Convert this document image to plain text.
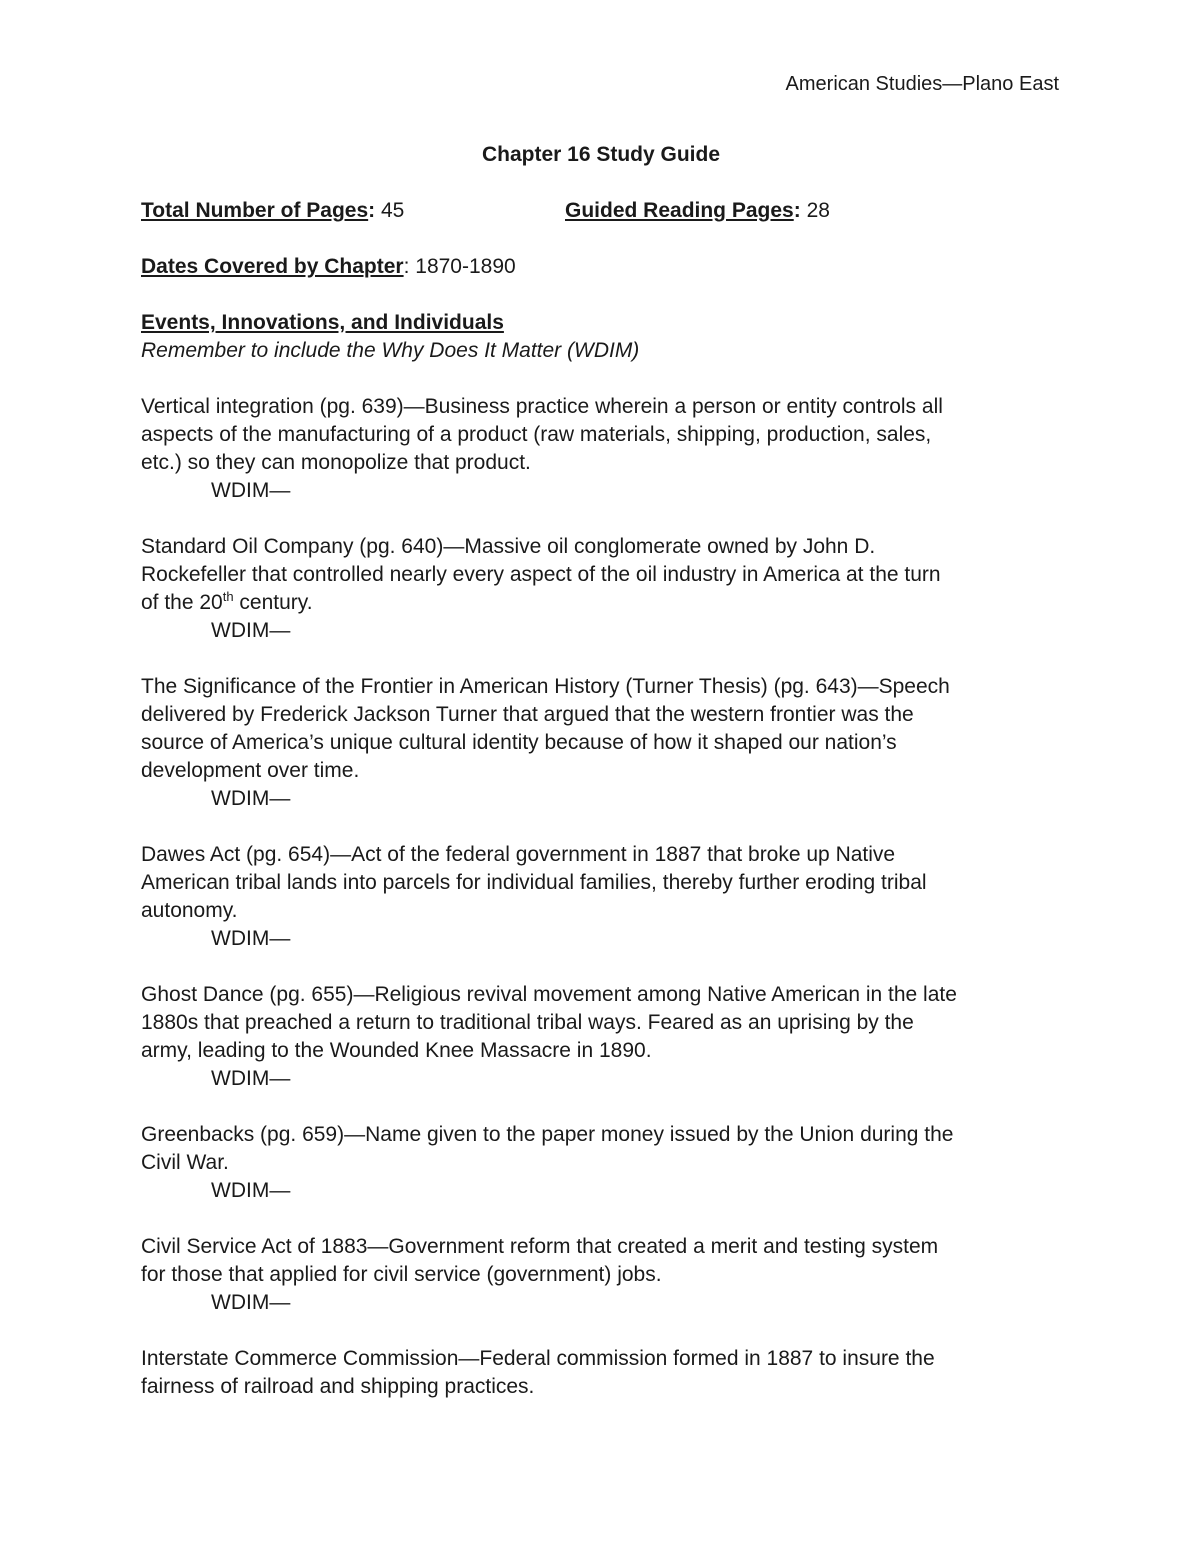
American Studies—Plano East

Chapter 16 Study Guide

Total Number of Pages: 45	Guided Reading Pages: 28

Dates Covered by Chapter: 1870-1890

Events, Innovations, and Individuals

Remember to include the Why Does It Matter (WDIM)

Vertical integration (pg. 639)—Business practice wherein a person or entity controls all

aspects of the manufacturing of a product (raw materials, shipping, production, sales,

etc.) so they can monopolize that product.

WDIM—

Standard Oil Company (pg. 640)—Massive oil conglomerate owned by John D.

Rockefeller that controlled nearly every aspect of the oil industry in America at the turn

of the 20th century.

WDIM—

The Significance of the Frontier in American History (Turner Thesis) (pg. 643)—Speech

delivered by Frederick Jackson Turner that argued that the western frontier was the

source of America’s unique cultural identity because of how it shaped our nation’s

development over time.

WDIM—

Dawes Act (pg. 654)—Act of the federal government in 1887 that broke up Native

American tribal lands into parcels for individual families, thereby further eroding tribal

autonomy.

WDIM—

Ghost Dance (pg. 655)—Religious revival movement among Native American in the late

1880s that preached a return to traditional tribal ways. Feared as an uprising by the

army, leading to the Wounded Knee Massacre in 1890.

WDIM—

Greenbacks (pg. 659)—Name given to the paper money issued by the Union during the

Civil War.

WDIM—

Civil Service Act of 1883—Government reform that created a merit and testing system

for those that applied for civil service (government) jobs.

WDIM—

Interstate Commerce Commission—Federal commission formed in 1887 to insure the

fairness of railroad and shipping practices.
